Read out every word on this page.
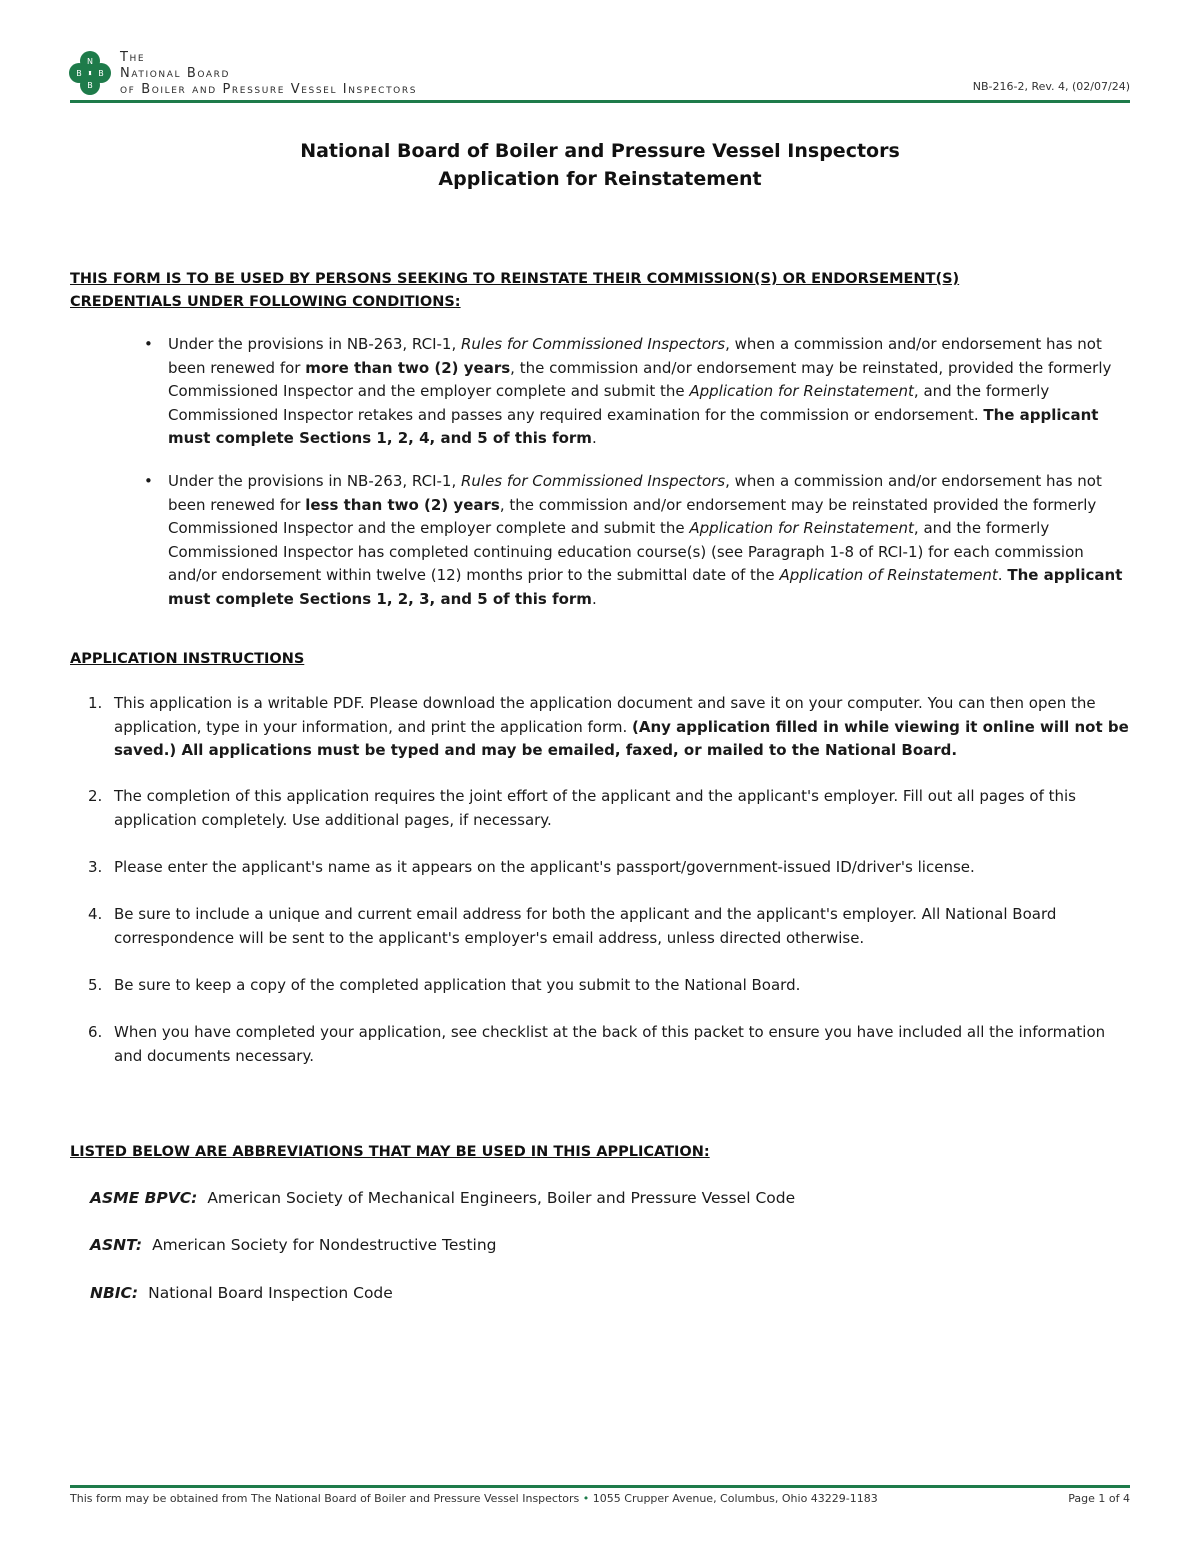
N
B B
B
The
National Board
of Boiler and Pressure Vessel Inspectors	NB-216-2, Rev. 4, (02/07/24)
National Board of Boiler and Pressure Vessel Inspectors
Application for Reinstatement
THIS FORM IS TO BE USED BY PERSONS SEEKING TO REINSTATE THEIR COMMISSION(S) OR ENDORSEMENT(S)
CREDENTIALS UNDER FOLLOWING CONDITIONS:
• Under the provisions in NB-263, RCI-1, Rules for Commissioned Inspectors, when a commission and/or endorsement has not been renewed for more than two (2) years, the commission and/or endorsement may be reinstated, provided the formerly Commissioned Inspector and the employer complete and submit the Application for Reinstatement, and the formerly Commissioned Inspector retakes and passes any required examination for the commission or endorsement. The applicant must complete Sections 1, 2, 4, and 5 of this form.
• Under the provisions in NB-263, RCI-1, Rules for Commissioned Inspectors, when a commission and/or endorsement has not been renewed for less than two (2) years, the commission and/or endorsement may be reinstated provided the formerly Commissioned Inspector and the employer complete and submit the Application for Reinstatement, and the formerly Commissioned Inspector has completed continuing education course(s) (see Paragraph 1-8 of RCI-1) for each commission and/or endorsement within twelve (12) months prior to the submittal date of the Application of Reinstatement. The applicant must complete Sections 1, 2, 3, and 5 of this form.
APPLICATION INSTRUCTIONS
1. This application is a writable PDF. Please download the application document and save it on your computer. You can then open the application, type in your information, and print the application form. (Any application filled in while viewing it online will not be saved.) All applications must be typed and may be emailed, faxed, or mailed to the National Board.
2. The completion of this application requires the joint effort of the applicant and the applicant's employer. Fill out all pages of this application completely. Use additional pages, if necessary.
3. Please enter the applicant's name as it appears on the applicant's passport/government-issued ID/driver's license.
4. Be sure to include a unique and current email address for both the applicant and the applicant's employer. All National Board correspondence will be sent to the applicant's employer's email address, unless directed otherwise.
5. Be sure to keep a copy of the completed application that you submit to the National Board.
6. When you have completed your application, see checklist at the back of this packet to ensure you have included all the information and documents necessary.
LISTED BELOW ARE ABBREVIATIONS THAT MAY BE USED IN THIS APPLICATION:
ASME BPVC: American Society of Mechanical Engineers, Boiler and Pressure Vessel Code
ASNT: American Society for Nondestructive Testing
NBIC: National Board Inspection Code
This form may be obtained from The National Board of Boiler and Pressure Vessel Inspectors • 1055 Crupper Avenue, Columbus, Ohio 43229-1183	Page 1 of 4
